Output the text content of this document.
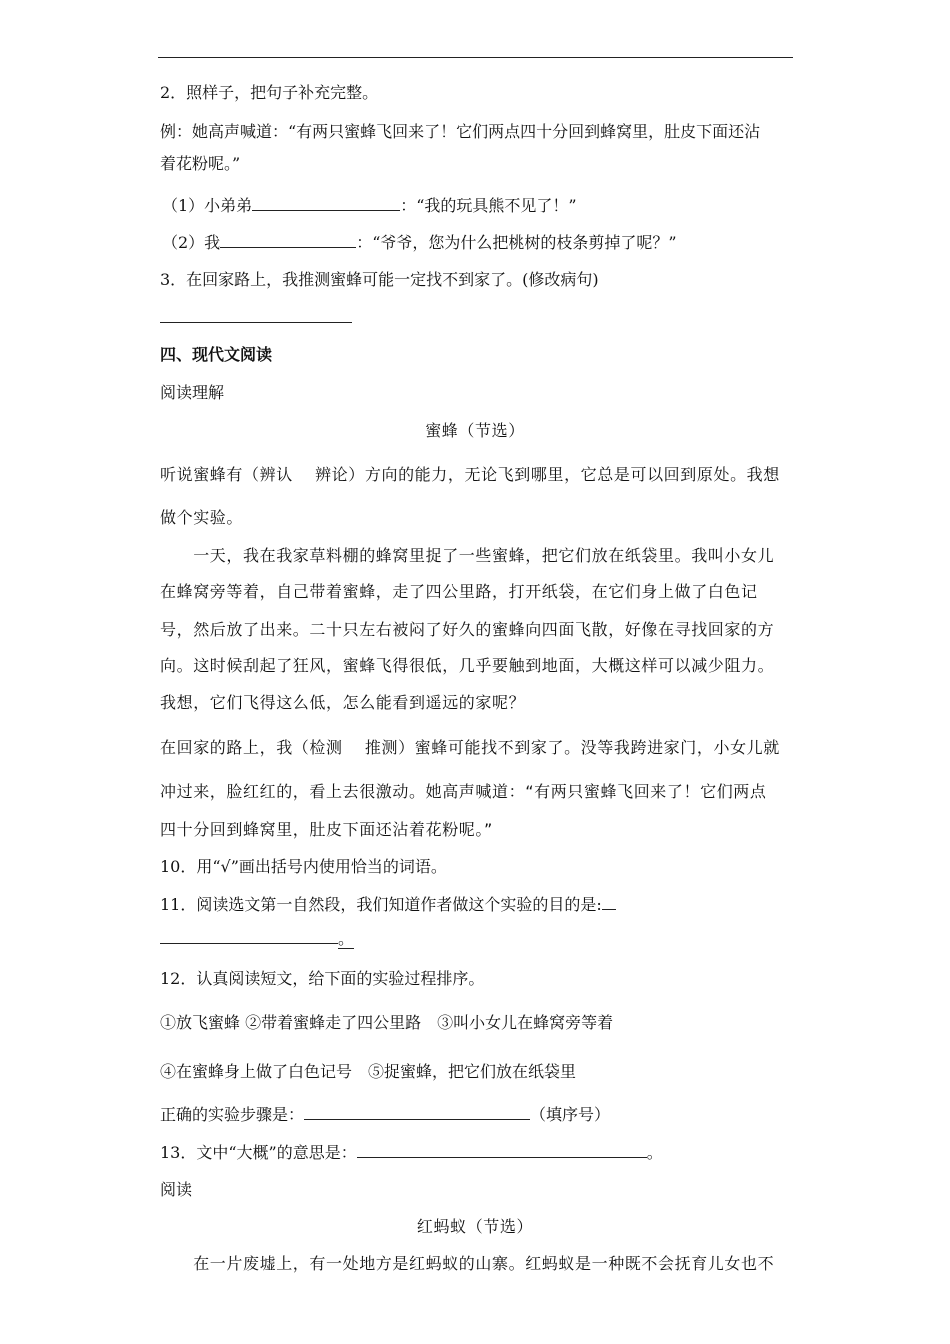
2．照样子，把句子补充完整。
例：她高声喊道：“有两只蜜蜂飞回来了！它们两点四十分回到蜂窝里，肚皮下面还沾
着花粉呢。”
（1）小弟弟	：“我的玩具熊不见了！”
（2）我	：“爷爷，您为什么把桃树的枝条剪掉了呢？”
3．在回家路上，我推测蜜蜂可能一定找不到家了。(修改病句)
四、现代文阅读
阅读理解
蜜蜂（节选）
听说蜜蜂有（辨认　 辨论）方向的能力，无论飞到哪里，它总是可以回到原处。我想
做个实验。
　　一天，我在我家草料棚的蜂窝里捉了一些蜜蜂，把它们放在纸袋里。我叫小女儿
在蜂窝旁等着，自己带着蜜蜂，走了四公里路，打开纸袋，在它们身上做了白色记
号，然后放了出来。二十只左右被闷了好久的蜜蜂向四面飞散，好像在寻找回家的方
向。这时候刮起了狂风，蜜蜂飞得很低，几乎要触到地面，大概这样可以减少阻力。
我想，它们飞得这么低，怎么能看到遥远的家呢？
在回家的路上，我（检测　 推测）蜜蜂可能找不到家了。没等我跨进家门，小女儿就
冲过来，脸红红的，看上去很激动。她高声喊道：“有两只蜜蜂飞回来了！它们两点
四十分回到蜂窝里，肚皮下面还沾着花粉呢。”
10．用“√”画出括号内使用恰当的词语。
11．阅读选文第一自然段，我们知道作者做这个实验的目的是:
。
12．认真阅读短文，给下面的实验过程排序。
①放飞蜜蜂 ②带着蜜蜂走了四公里路　③叫小女儿在蜂窝旁等着
④在蜜蜂身上做了白色记号　⑤捉蜜蜂，把它们放在纸袋里
正确的实验步骤是：	（填序号）
13．文中“大概”的意思是：	。
阅读
红蚂蚁（节选）
　　在一片废墟上，有一处地方是红蚂蚁的山寨。红蚂蚁是一种既不会抚育儿女也不
